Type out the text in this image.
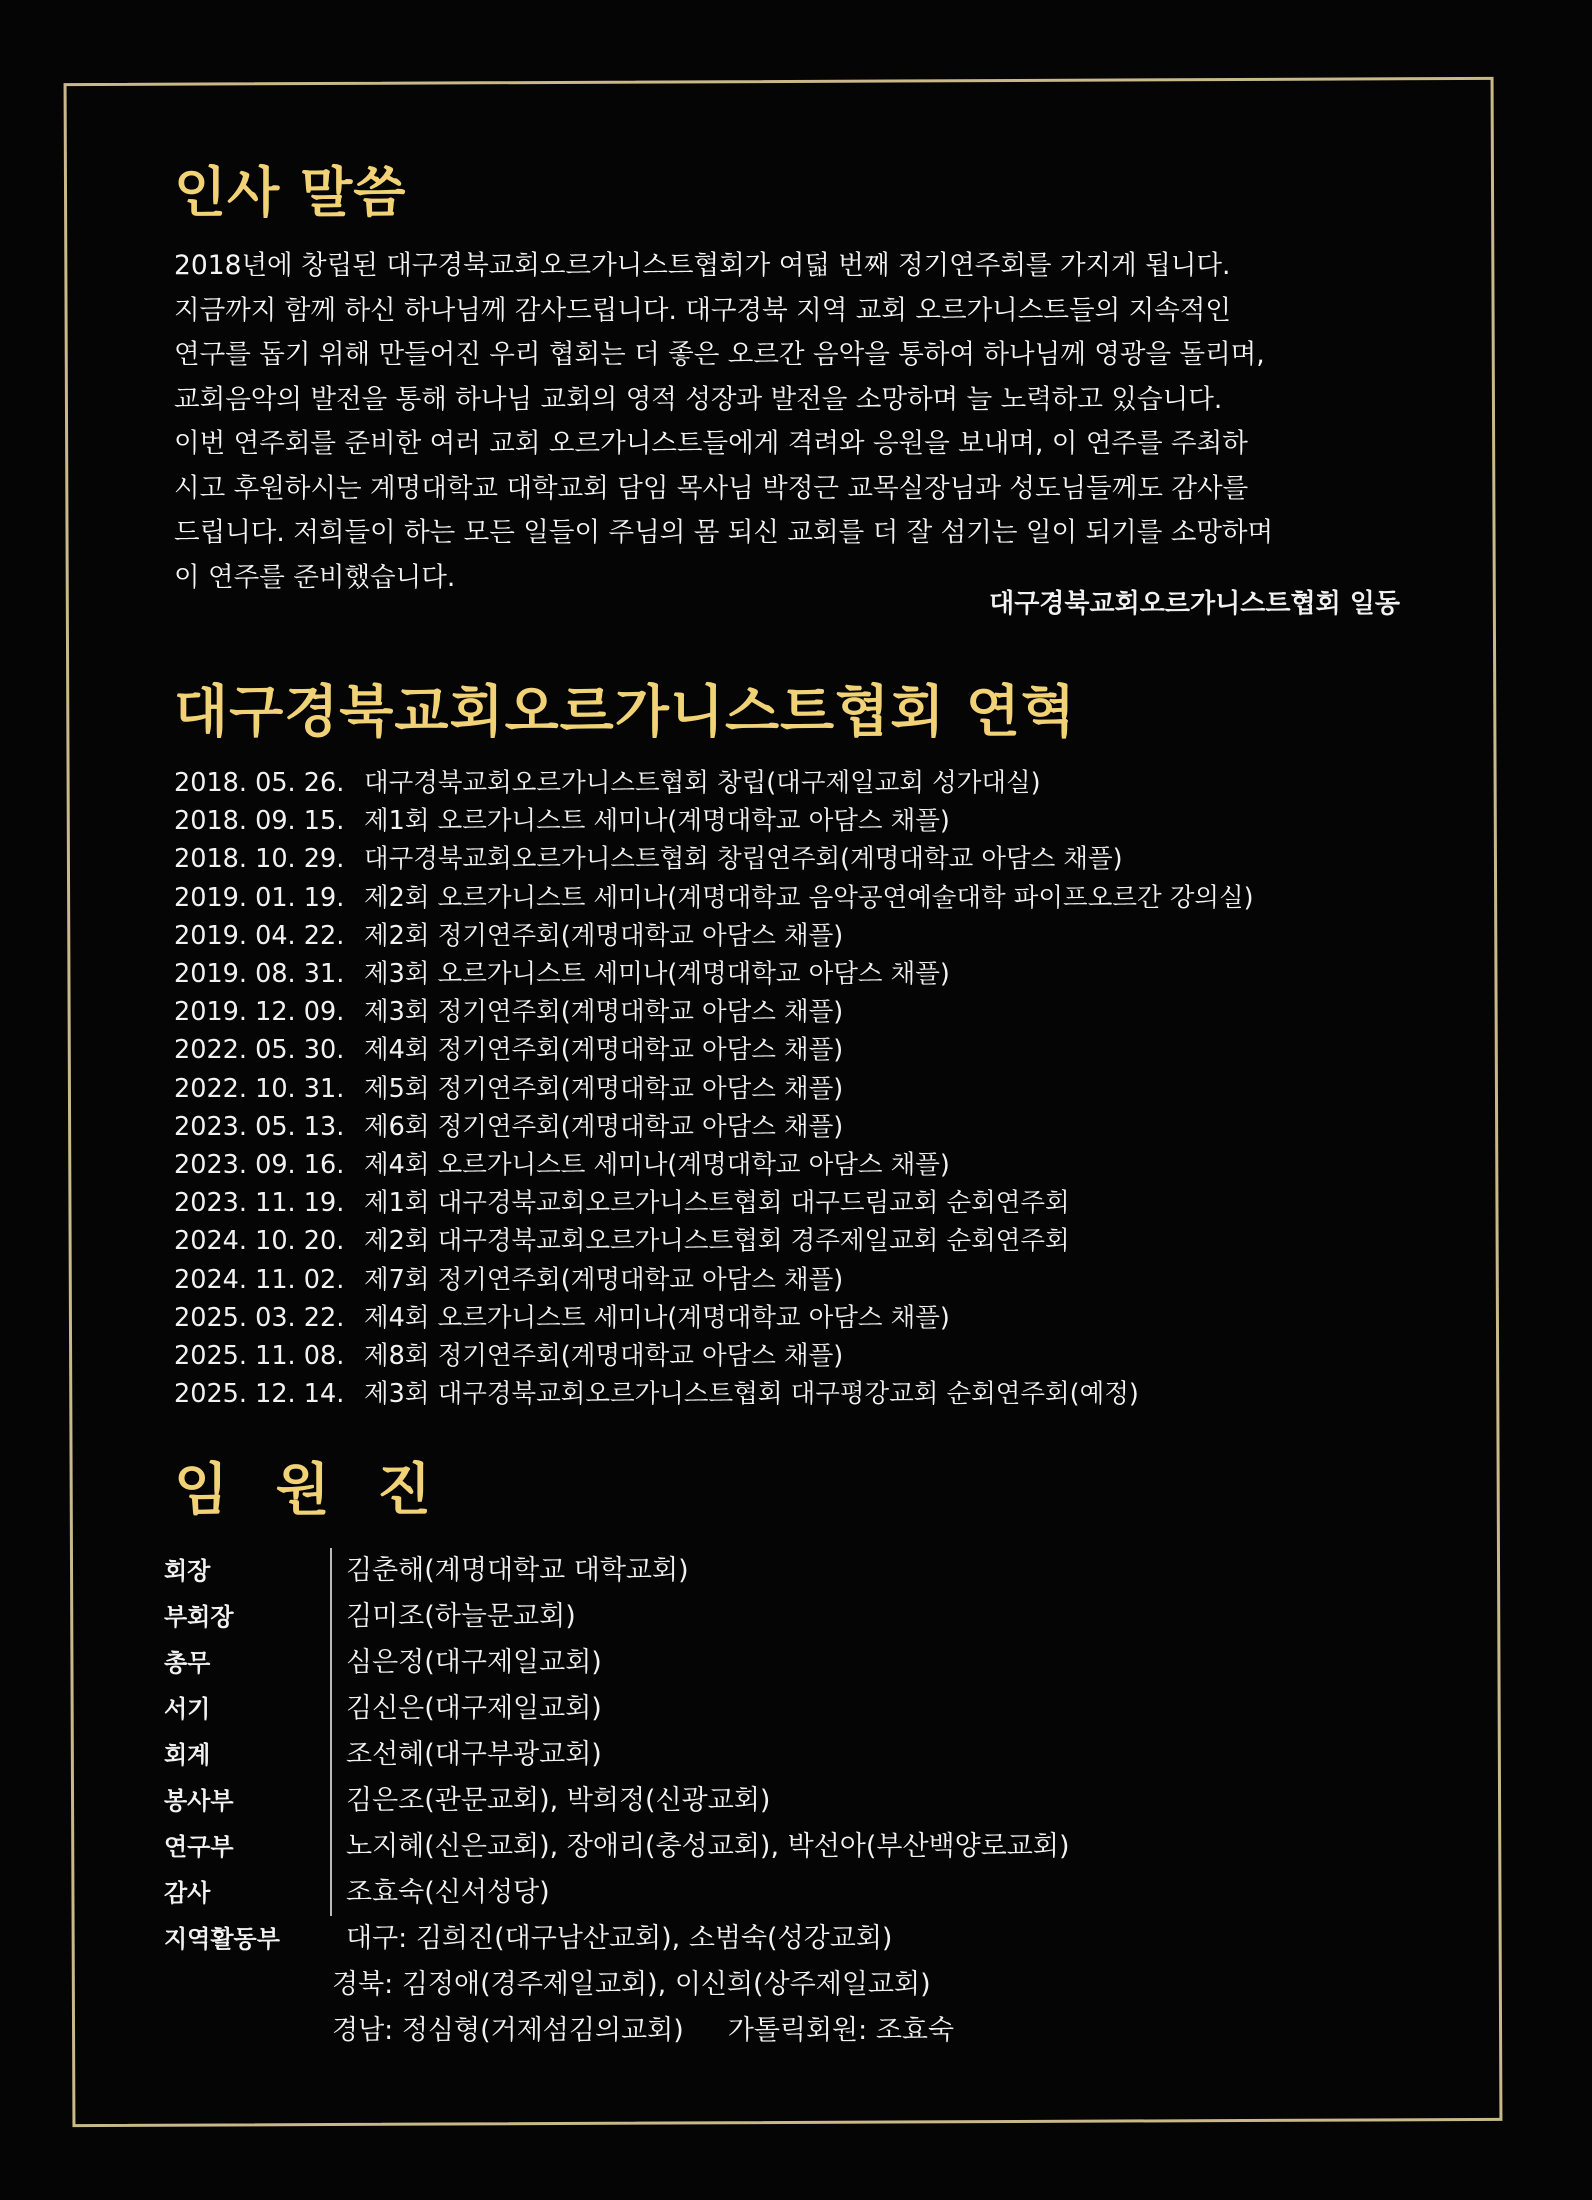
인사 말씀
2018년에 창립된 대구경북교회오르가니스트협회가 여덟 번째 정기연주회를 가지게 됩니다.
지금까지 함께 하신 하나님께 감사드립니다. 대구경북 지역 교회 오르가니스트들의 지속적인
연구를 돕기 위해 만들어진 우리 협회는 더 좋은 오르간 음악을 통하여 하나님께 영광을 돌리며,
교회음악의 발전을 통해 하나님 교회의 영적 성장과 발전을 소망하며 늘 노력하고 있습니다.
이번 연주회를 준비한 여러 교회 오르가니스트들에게 격려와 응원을 보내며, 이 연주를 주최하
시고 후원하시는 계명대학교 대학교회 담임 목사님 박정근 교목실장님과 성도님들께도 감사를
드립니다. 저희들이 하는 모든 일들이 주님의 몸 되신 교회를 더 잘 섬기는 일이 되기를 소망하며
이 연주를 준비했습니다.
대구경북교회오르가니스트협회 일동
대구경북교회오르가니스트협회 연혁
2018. 05. 26. 대구경북교회오르가니스트협회 창립(대구제일교회 성가대실)
2018. 09. 15. 제1회 오르가니스트 세미나(계명대학교 아담스 채플)
2018. 10. 29. 대구경북교회오르가니스트협회 창립연주회(계명대학교 아담스 채플)
2019. 01. 19. 제2회 오르가니스트 세미나(계명대학교 음악공연예술대학 파이프오르간 강의실)
2019. 04. 22. 제2회 정기연주회(계명대학교 아담스 채플)
2019. 08. 31. 제3회 오르가니스트 세미나(계명대학교 아담스 채플)
2019. 12. 09. 제3회 정기연주회(계명대학교 아담스 채플)
2022. 05. 30. 제4회 정기연주회(계명대학교 아담스 채플)
2022. 10. 31. 제5회 정기연주회(계명대학교 아담스 채플)
2023. 05. 13. 제6회 정기연주회(계명대학교 아담스 채플)
2023. 09. 16. 제4회 오르가니스트 세미나(계명대학교 아담스 채플)
2023. 11. 19. 제1회 대구경북교회오르가니스트협회 대구드림교회 순회연주회
2024. 10. 20. 제2회 대구경북교회오르가니스트협회 경주제일교회 순회연주회
2024. 11. 02. 제7회 정기연주회(계명대학교 아담스 채플)
2025. 03. 22. 제4회 오르가니스트 세미나(계명대학교 아담스 채플)
2025. 11. 08. 제8회 정기연주회(계명대학교 아담스 채플)
2025. 12. 14. 제3회 대구경북교회오르가니스트협회 대구평강교회 순회연주회(예정)
임 원 진
회장	김춘해(계명대학교 대학교회)
부회장	김미조(하늘문교회)
총무	심은정(대구제일교회)
서기	김신은(대구제일교회)
회계	조선혜(대구부광교회)
봉사부	김은조(관문교회), 박희정(신광교회)
연구부	노지혜(신은교회), 장애리(충성교회), 박선아(부산백양로교회)
감사	조효숙(신서성당)
지역활동부	대구: 김희진(대구남산교회), 소범숙(성강교회)
경북: 김정애(경주제일교회), 이신희(상주제일교회)
경남: 정심형(거제섬김의교회) 가톨릭회원: 조효숙
